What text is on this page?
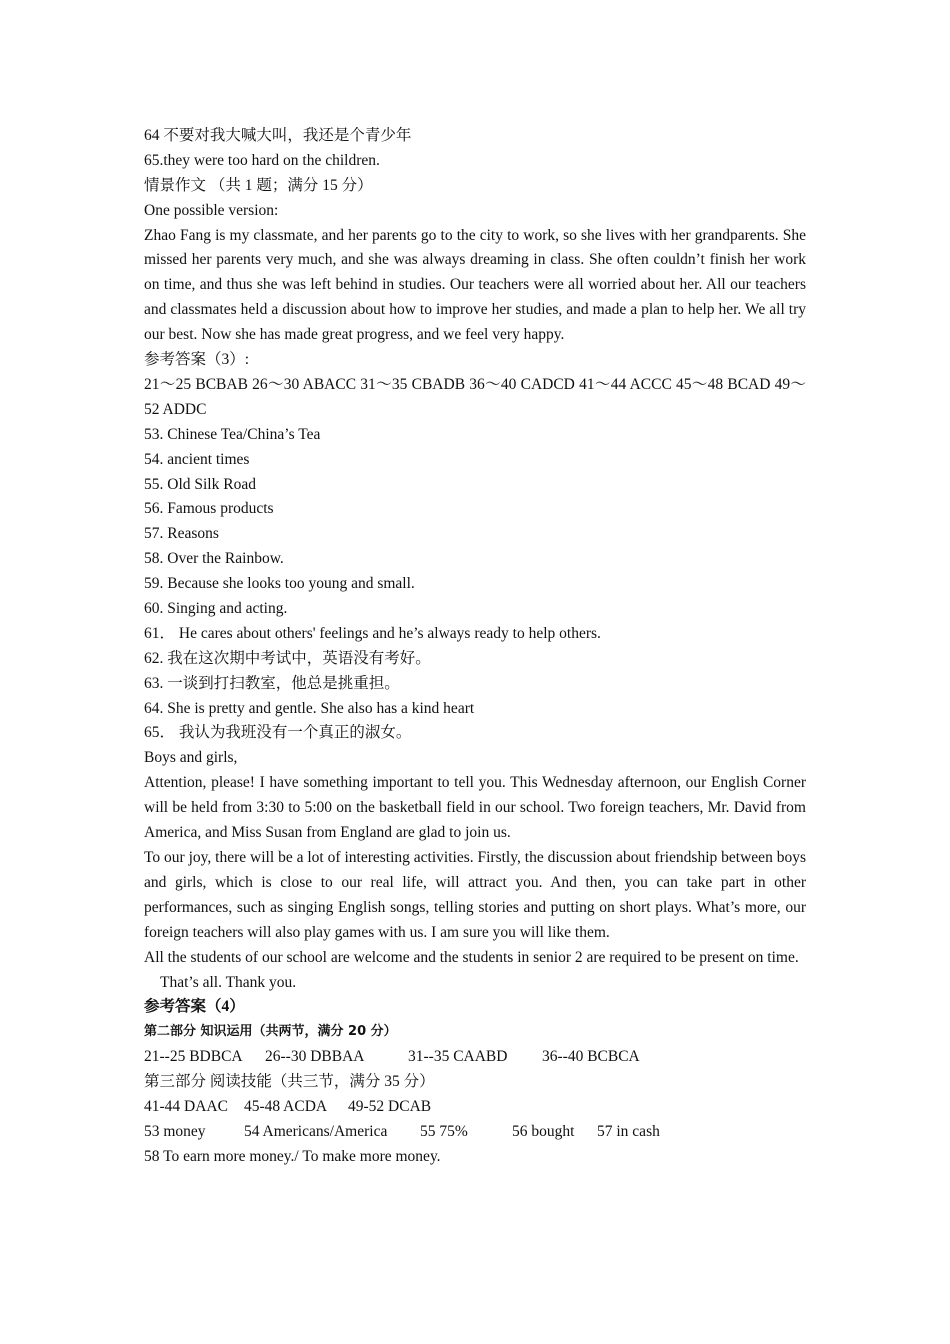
64 不要对我大喊大叫，我还是个青少年
65.they were too hard on the children.
情景作文 （共 1 题；满分 15 分）
One possible version:
Zhao Fang is my classmate, and her parents go to the city to work, so she lives with her grandparents. She missed her parents very much, and she was always dreaming in class. She often couldn’t finish her work on time, and thus she was left behind in studies. Our teachers were all worried about her. All our teachers and classmates held a discussion about how to improve her studies, and made a plan to help her. We all try our best. Now she has made great progress, and we feel very happy.
参考答案（3）:
21～25 BCBAB 26～30 ABACC 31～35 CBADB 36～40 CADCD 41～44 ACCC 45～48 BCAD 49～52 ADDC
53. Chinese Tea/China’s Tea
54. ancient times
55. Old Silk Road
56. Famous products
57. Reasons
58. Over the Rainbow.
59. Because she looks too young and small.
60. Singing and acting.
61． He cares about others' feelings and he’s always ready to help others.
62. 我在这次期中考试中，英语没有考好。
63. 一谈到打扫教室，他总是挑重担。
64. She is pretty and gentle. She also has a kind heart
65． 我认为我班没有一个真正的淑女。
Boys and girls,
Attention, please! I have something important to tell you. This Wednesday afternoon, our English Corner will be held from 3:30 to 5:00 on the basketball field in our school. Two foreign teachers, Mr. David from America, and Miss Susan from England are glad to join us.
To our joy, there will be a lot of interesting activities. Firstly, the discussion about friendship between boys and girls, which is close to our real life, will attract you. And then, you can take part in other performances, such as singing English songs, telling stories and putting on short plays. What’s more, our foreign teachers will also play games with us. I am sure you will like them.
All the students of our school are welcome and the students in senior 2 are required to be present on time.
That’s all. Thank you.
参考答案（4）
第二部分 知识运用（共两节，满分 20 分）
21--25 BDBCA 26--30 DBBAA	31--35 CAABD 36--40 BCBCA
第三部分 阅读技能（共三节，满分 35 分）
41-44 DAAC 45-48 ACDA 49-52 DCAB
53 money 54 Americans/America 55 75%	56 bought 57 in cash
58 To earn more money./ To make more money.
